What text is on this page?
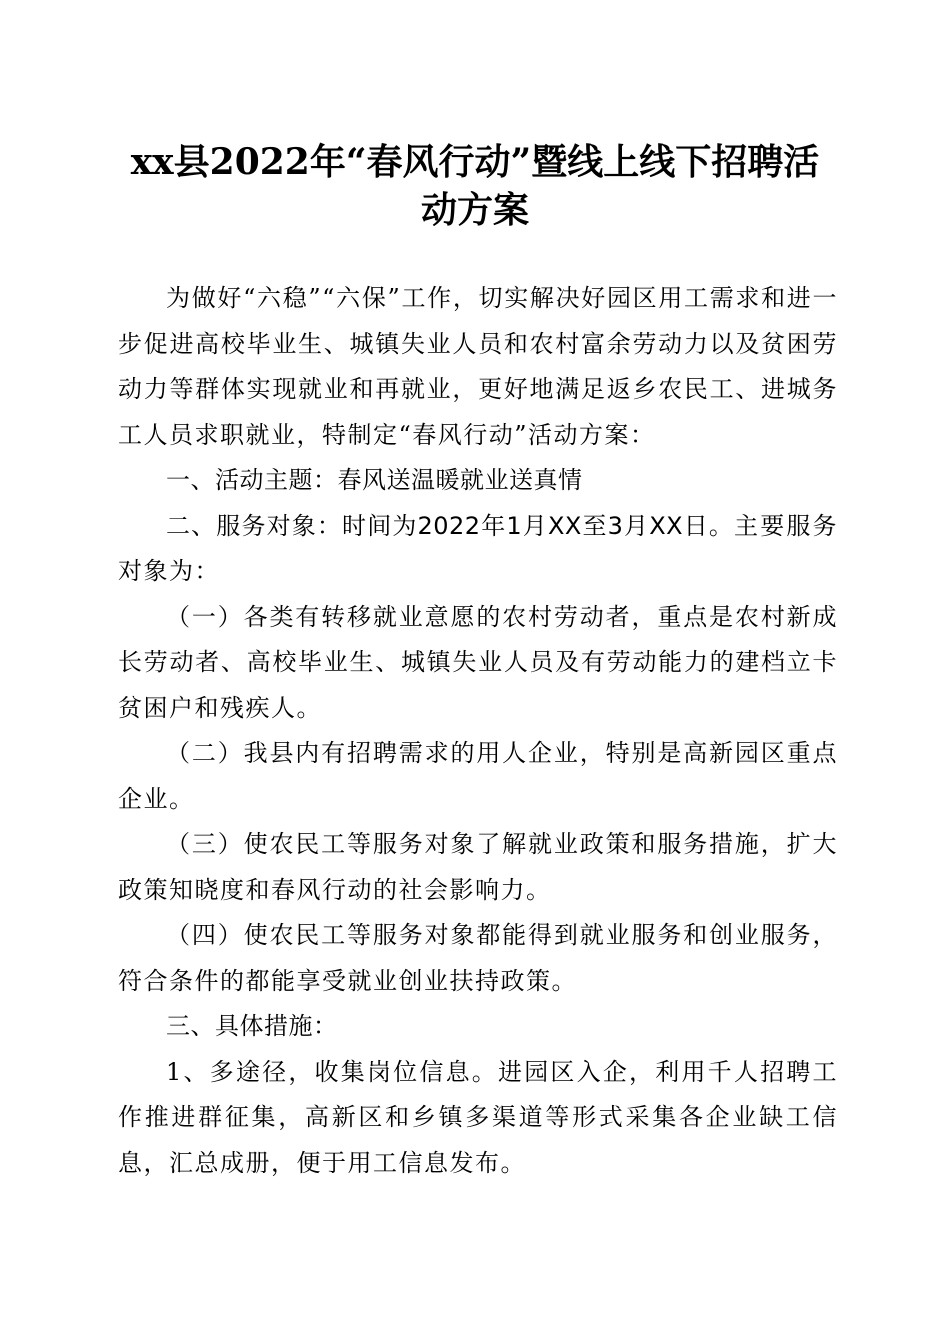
xx县2022年“春风行动”暨线上线下招聘活
动方案

为做好“六稳”“六保”工作，切实解决好园区用工需求和进一步促进高校毕业生、城镇失业人员和农村富余劳动力以及贫困劳动力等群体实现就业和再就业，更好地满足返乡农民工、进城务工人员求职就业，特制定“春风行动”活动方案：

一、活动主题：春风送温暖就业送真情

二、服务对象：时间为2022年1月XX至3月XX日。主要服务对象为：

（一）各类有转移就业意愿的农村劳动者，重点是农村新成长劳动者、高校毕业生、城镇失业人员及有劳动能力的建档立卡贫困户和残疾人。

（二）我县内有招聘需求的用人企业，特别是高新园区重点企业。

（三）使农民工等服务对象了解就业政策和服务措施，扩大政策知晓度和春风行动的社会影响力。

（四）使农民工等服务对象都能得到就业服务和创业服务，符合条件的都能享受就业创业扶持政策。

三、具体措施：

1、多途径，收集岗位信息。进园区入企，利用千人招聘工作推进群征集，高新区和乡镇多渠道等形式采集各企业缺工信息，汇总成册，便于用工信息发布。
